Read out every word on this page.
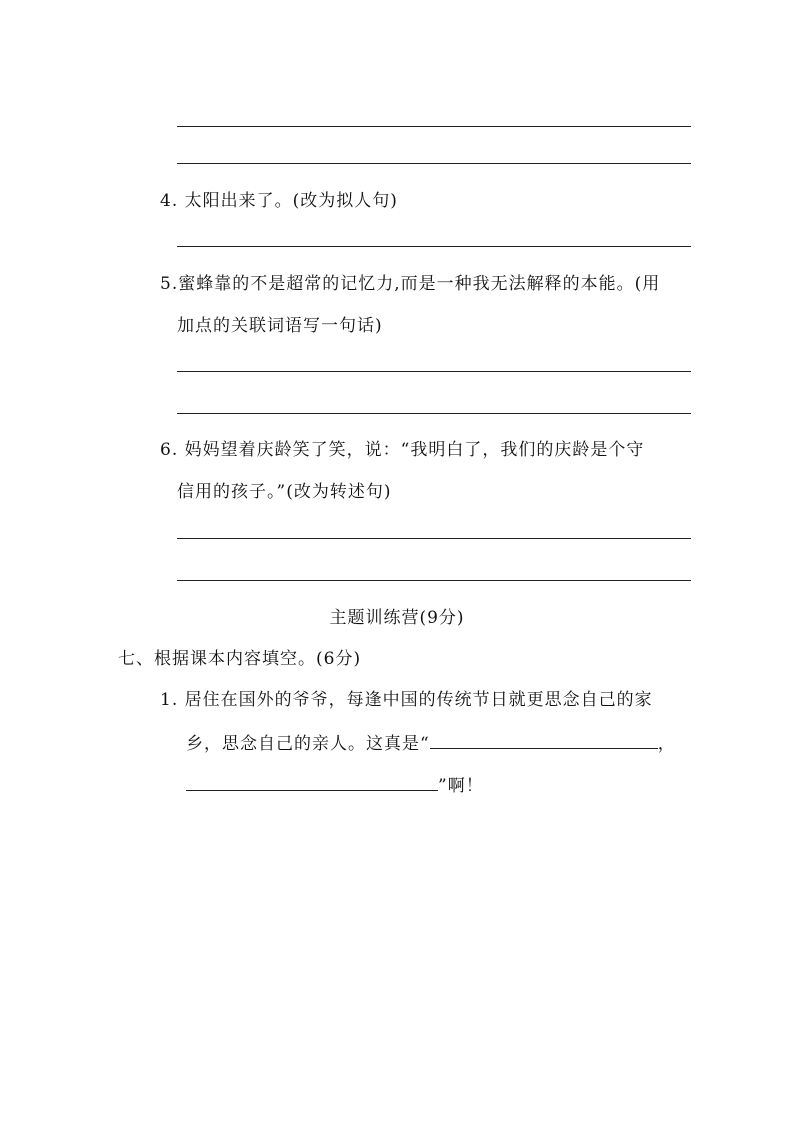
4. 太阳出来了。(改为拟人句)
5.蜜蜂靠的不是超常的记忆力,而是一种我无法解释的本能。(用
加点的关联词语写一句话)
6. 妈妈望着庆龄笑了笑，说：“我明白了，我们的庆龄是个守
信用的孩子。”(改为转述句)
主题训练营(9分)
七、根据课本内容填空。(6分)
1. 居住在国外的爷爷，每逢中国的传统节日就更思念自己的家
乡，思念自己的亲人。这真是“	，
”啊！
